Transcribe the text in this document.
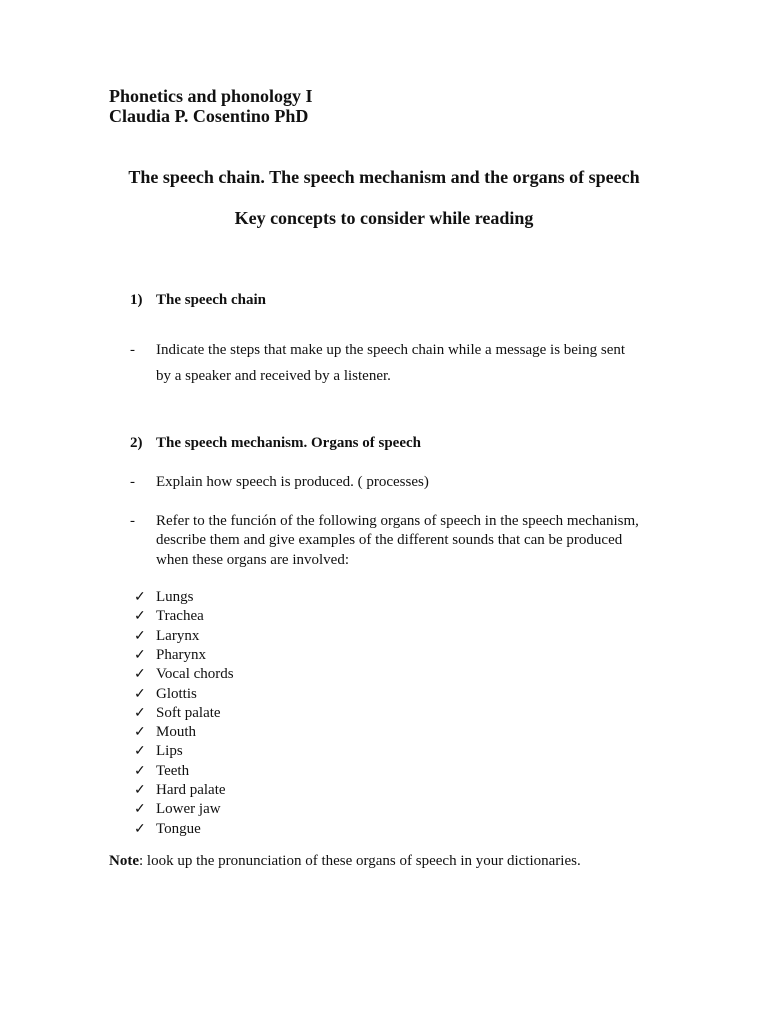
Phonetics and phonology I
Claudia P. Cosentino PhD
The speech chain. The speech mechanism and the organs of speech
Key concepts to consider while reading
1) The speech chain
- Indicate the steps that make up the speech chain while a message is being sent
by a speaker and received by a listener.
2) The speech mechanism. Organs of speech
- Explain how speech is produced. ( processes)
- Refer to the función of the following organs of speech in the speech mechanism,
describe them and give examples of the different sounds that can be produced
when these organs are involved:
✓ Lungs
✓ Trachea
✓ Larynx
✓ Pharynx
✓ Vocal chords
✓ Glottis
✓ Soft palate
✓ Mouth
✓ Lips
✓ Teeth
✓ Hard palate
✓ Lower jaw
✓ Tongue
Note: look up the pronunciation of these organs of speech in your dictionaries.
